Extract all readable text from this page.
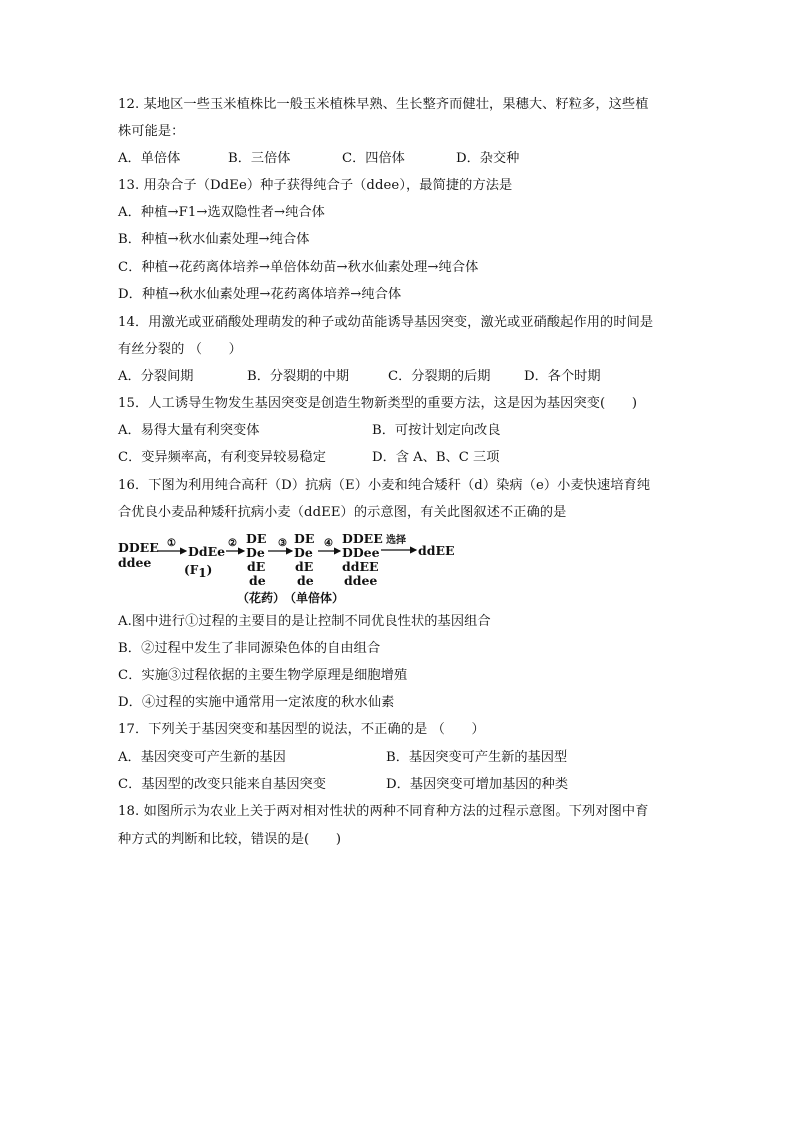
12. 某地区一些玉米植株比一般玉米植株早熟、生长整齐而健壮，果穗大、籽粒多，这些植
株可能是：
A．单倍体	B．三倍体	C．四倍体	D．杂交种
13. 用杂合子（DdEe）种子获得纯合子（ddee），最简捷的方法是
A．种植→F1→选双隐性者→纯合体
B．种植→秋水仙素处理→纯合体
C．种植→花药离体培养→单倍体幼苗→秋水仙素处理→纯合体
D．种植→秋水仙素处理→花药离体培养→纯合体
14．用激光或亚硝酸处理萌发的种子或幼苗能诱导基因突变，激光或亚硝酸起作用的时间是
有丝分裂的 （　　）
A．分裂间期	B．分裂期的中期	C．分裂期的后期	D．各个时期
15．人工诱导生物发生基因突变是创造生物新类型的重要方法，这是因为基因突变(　　)
A．易得大量有利突变体	B．可按计划定向改良
C．变异频率高，有利变异较易稳定	D．含 A、B、C 三项
16．下图为利用纯合高秆（D）抗病（E）小麦和纯合矮秆（d）染病（e）小麦快速培育纯
合优良小麦品种矮秆抗病小麦（ddEE）的示意图，有关此图叙述不正确的是
DDEE
ddee
①
DdEe
(F1)
② DE
De
dE
de
（花药）
③ DE
De
dE
de
（单倍体）
④ DDEE
DDee
ddEE
ddee
选择
ddEE
A.图中进行①过程的主要目的是让控制不同优良性状的基因组合
B．②过程中发生了非同源染色体的自由组合
C．实施③过程依据的主要生物学原理是细胞增殖
D．④过程的实施中通常用一定浓度的秋水仙素
17．下列关于基因突变和基因型的说法，不正确的是 （　　）
A．基因突变可产生新的基因	B．基因突变可产生新的基因型
C．基因型的改变只能来自基因突变	D．基因突变可增加基因的种类
18. 如图所示为农业上关于两对相对性状的两种不同育种方法的过程示意图。下列对图中育
种方式的判断和比较，错误的是(　　)
